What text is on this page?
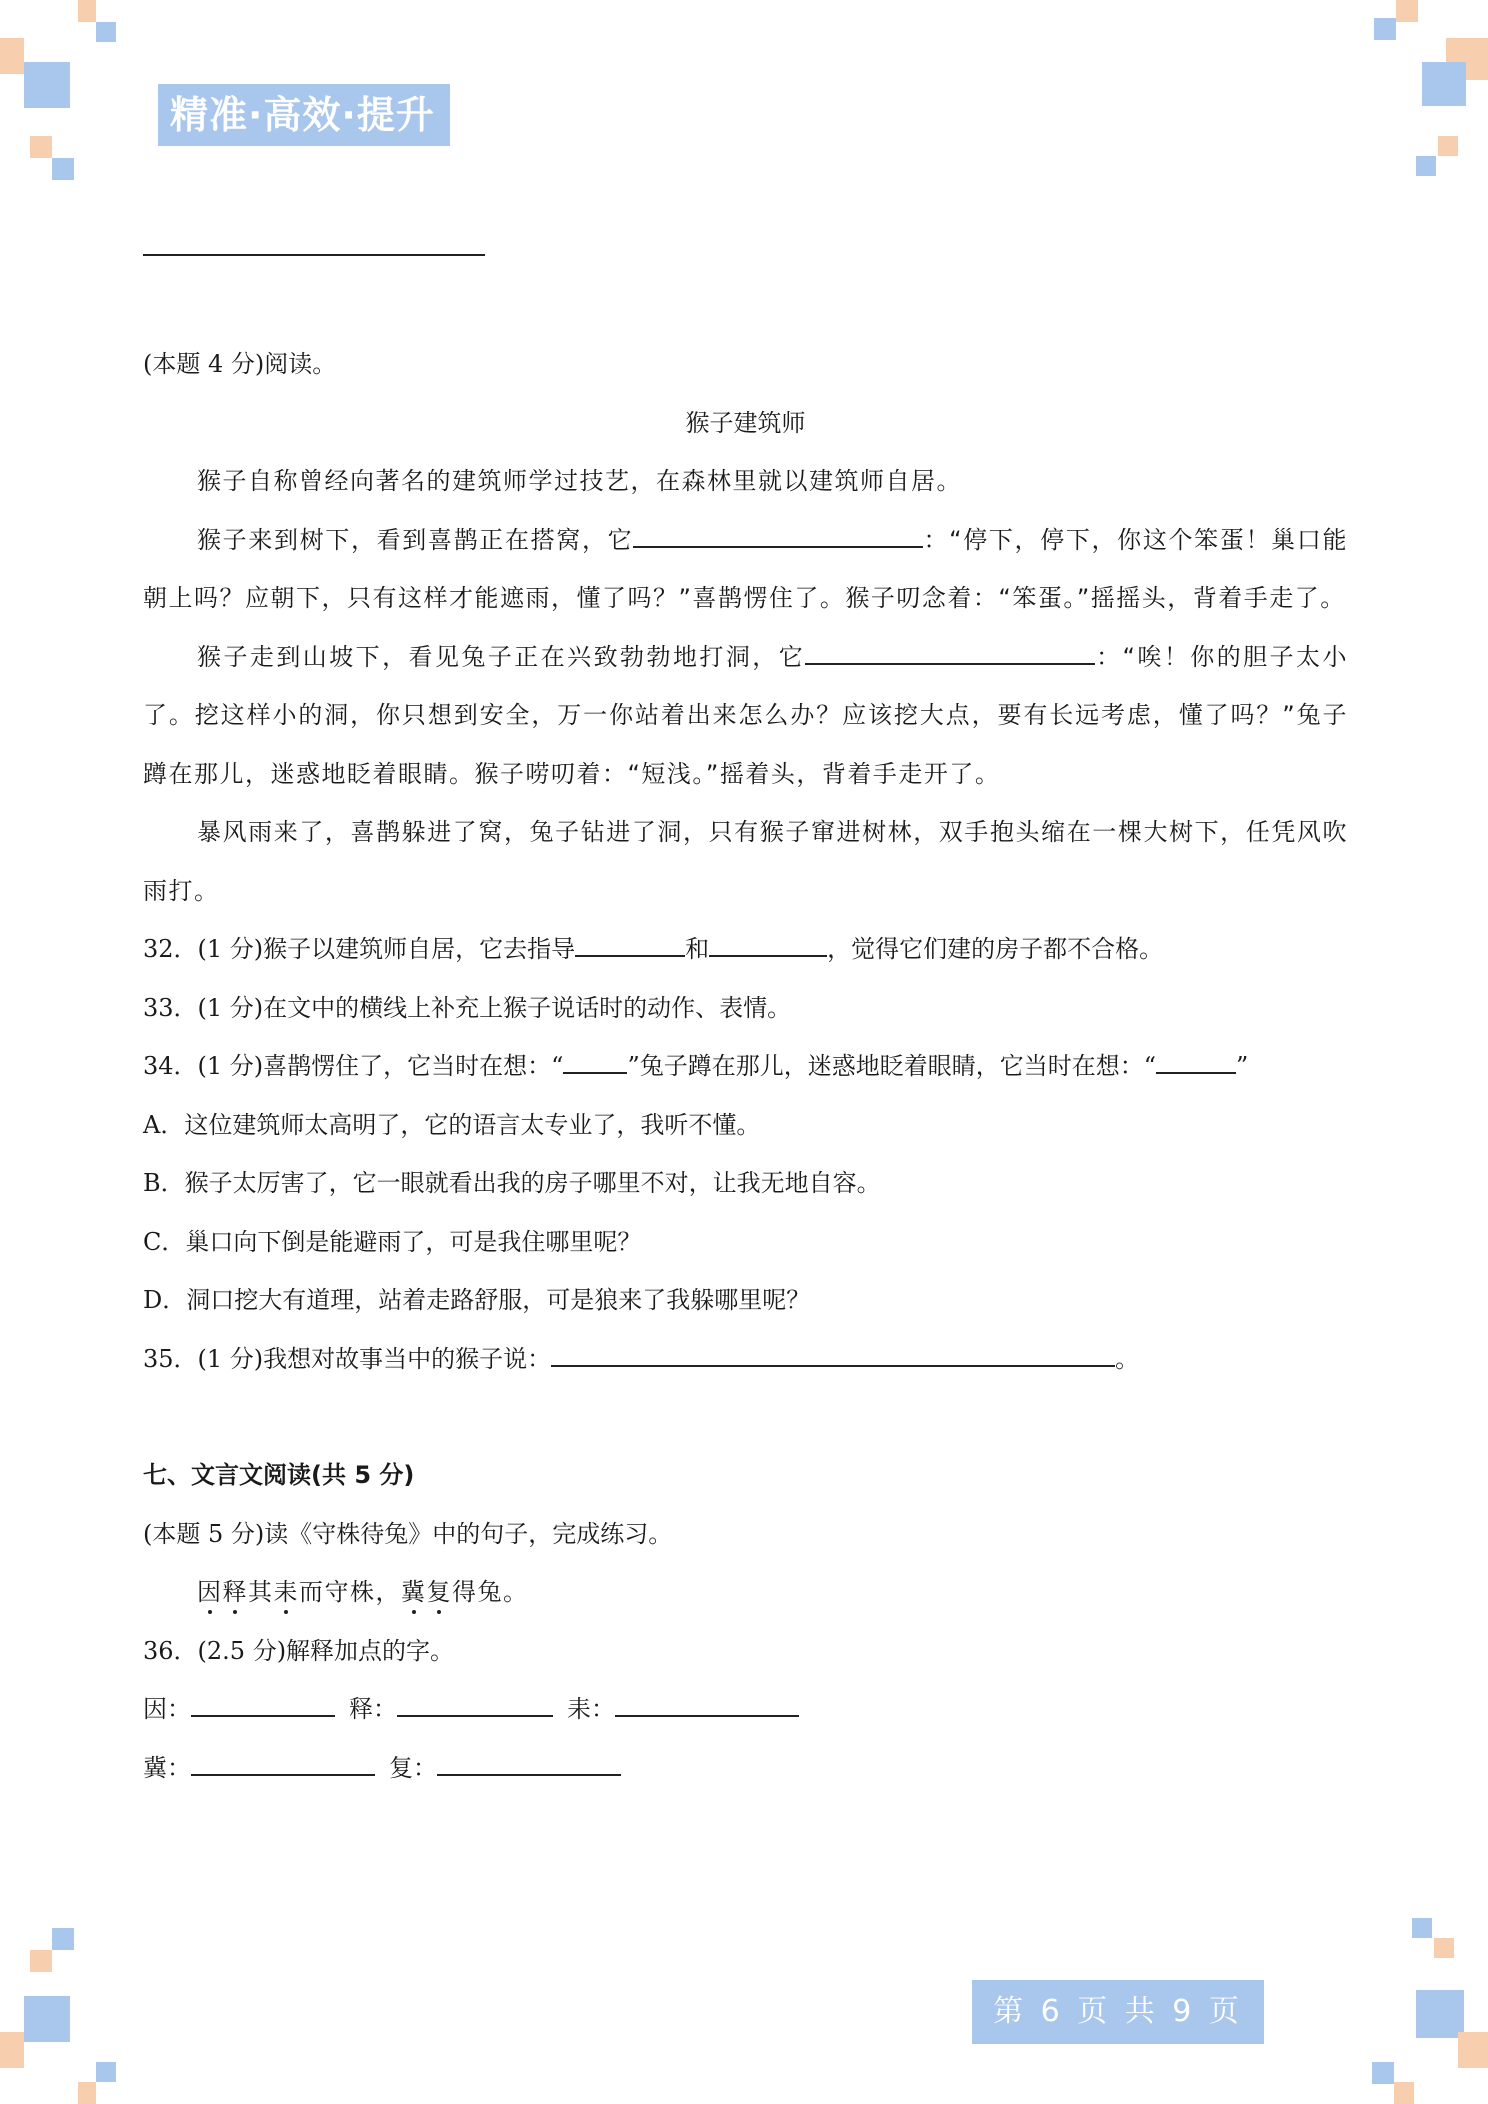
精准·高效·提升

(本题 4 分)阅读。

猴子建筑师

猴子自称曾经向著名的建筑师学过技艺，在森林里就以建筑师自居。

猴子来到树下，看到喜鹊正在搭窝，它	：“停下，停下，你这个笨蛋！巢口能朝上吗？应朝下，只有这样才能遮雨，懂了吗？”喜鹊愣住了。猴子叨念着：“笨蛋。”摇摇头，背着手走了。

猴子走到山坡下，看见兔子正在兴致勃勃地打洞，它	：“唉！你的胆子太小了。挖这样小的洞，你只想到安全，万一你站着出来怎么办？应该挖大点，要有长远考虑，懂了吗？”兔子蹲在那儿，迷惑地眨着眼睛。猴子唠叨着：“短浅。”摇着头，背着手走开了。

暴风雨来了，喜鹊躲进了窝，兔子钻进了洞，只有猴子窜进树林，双手抱头缩在一棵大树下，任凭风吹雨打。

32．(1 分)猴子以建筑师自居，它去指导	和	，觉得它们建的房子都不合格。

33．(1 分)在文中的横线上补充上猴子说话时的动作、表情。

34．(1 分)喜鹊愣住了，它当时在想：“	”兔子蹲在那儿，迷惑地眨着眼睛，它当时在想：“	”

A．这位建筑师太高明了，它的语言太专业了，我听不懂。

B．猴子太厉害了，它一眼就看出我的房子哪里不对，让我无地自容。

C．巢口向下倒是能避雨了，可是我住哪里呢？

D．洞口挖大有道理，站着走路舒服，可是狼来了我躲哪里呢？

35．(1 分)我想对故事当中的猴子说：	。

七、文言文阅读(共 5 分)

(本题 5 分)读《守株待兔》中的句子，完成练习。

因释其耒而守株，冀复得兔。

36．(2.5 分)解释加点的字。

因：	释：	耒：

冀：	复：

第 6 页 共 9 页
